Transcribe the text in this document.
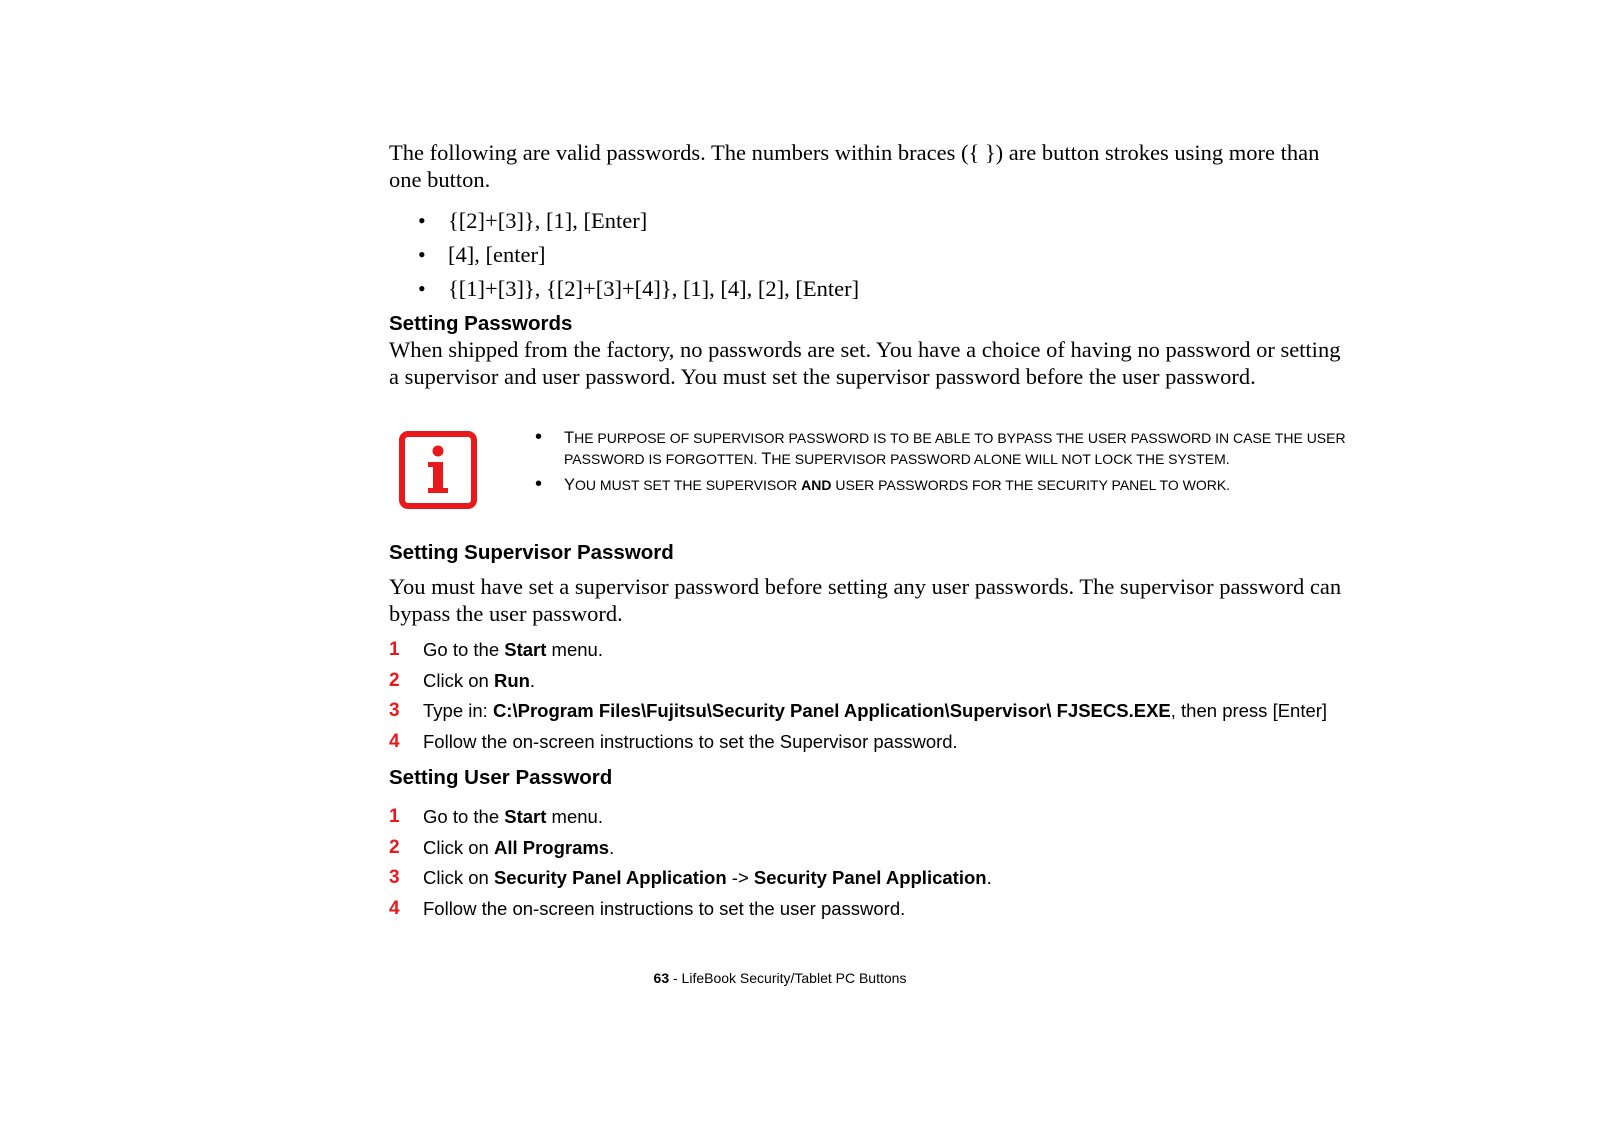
The following are valid passwords. The numbers within braces ({ }) are button strokes using more than one button.
• {[2]+[3]}, [1], [Enter]
• [4], [enter]
• {[1]+[3]}, {[2]+[3]+[4]}, [1], [4], [2], [Enter]
Setting Passwords
When shipped from the factory, no passwords are set. You have a choice of having no password or setting a supervisor and user password. You must set the supervisor password before the user password.
• THE PURPOSE OF SUPERVISOR PASSWORD IS TO BE ABLE TO BYPASS THE USER PASSWORD IN CASE THE USER PASSWORD IS FORGOTTEN. THE SUPERVISOR PASSWORD ALONE WILL NOT LOCK THE SYSTEM.
• YOU MUST SET THE SUPERVISOR AND USER PASSWORDS FOR THE SECURITY PANEL TO WORK.
Setting Supervisor Password
You must have set a supervisor password before setting any user passwords. The supervisor password can bypass the user password.
1 Go to the Start menu.
2 Click on Run.
3 Type in: C:\Program Files\Fujitsu\Security Panel Application\Supervisor\ FJSECS.EXE, then press [Enter]
4 Follow the on-screen instructions to set the Supervisor password.
Setting User Password
1 Go to the Start menu.
2 Click on All Programs.
3 Click on Security Panel Application -> Security Panel Application.
4 Follow the on-screen instructions to set the user password.
63 - LifeBook Security/Tablet PC Buttons
